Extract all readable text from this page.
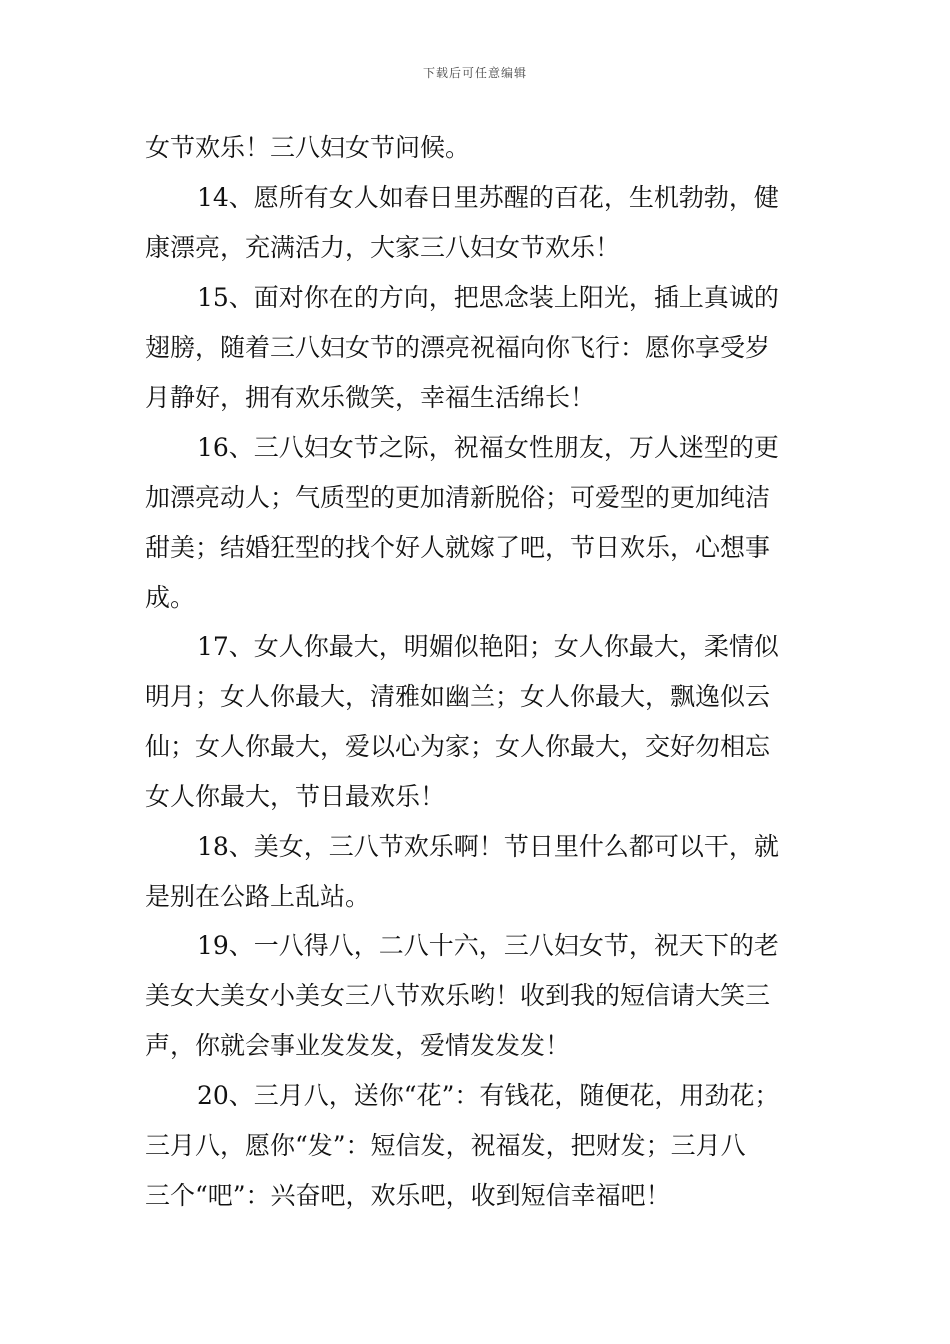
下载后可任意编辑
女节欢乐！三八妇女节问候。
14、愿所有女人如春日里苏醒的百花，生机勃勃，健
康漂亮，充满活力，大家三八妇女节欢乐！
15、面对你在的方向，把思念装上阳光，插上真诚的
翅膀，随着三八妇女节的漂亮祝福向你飞行：愿你享受岁
月静好，拥有欢乐微笑，幸福生活绵长！
16、三八妇女节之际，祝福女性朋友，万人迷型的更
加漂亮动人；气质型的更加清新脱俗；可爱型的更加纯洁
甜美；结婚狂型的找个好人就嫁了吧，节日欢乐，心想事
成。
17、女人你最大，明媚似艳阳；女人你最大，柔情似
明月；女人你最大，清雅如幽兰；女人你最大，飘逸似云
仙；女人你最大，爱以心为家；女人你最大，交好勿相忘
女人你最大，节日最欢乐！
18、美女，三八节欢乐啊！节日里什么都可以干，就
是别在公路上乱站。
19、一八得八，二八十六，三八妇女节，祝天下的老
美女大美女小美女三八节欢乐哟！收到我的短信请大笑三
声，你就会事业发发发，爱情发发发！
20、三月八，送你“花”：有钱花，随便花，用劲花；
三月八，愿你“发”：短信发，祝福发，把财发；三月八
三个“吧”：兴奋吧，欢乐吧，收到短信幸福吧！
